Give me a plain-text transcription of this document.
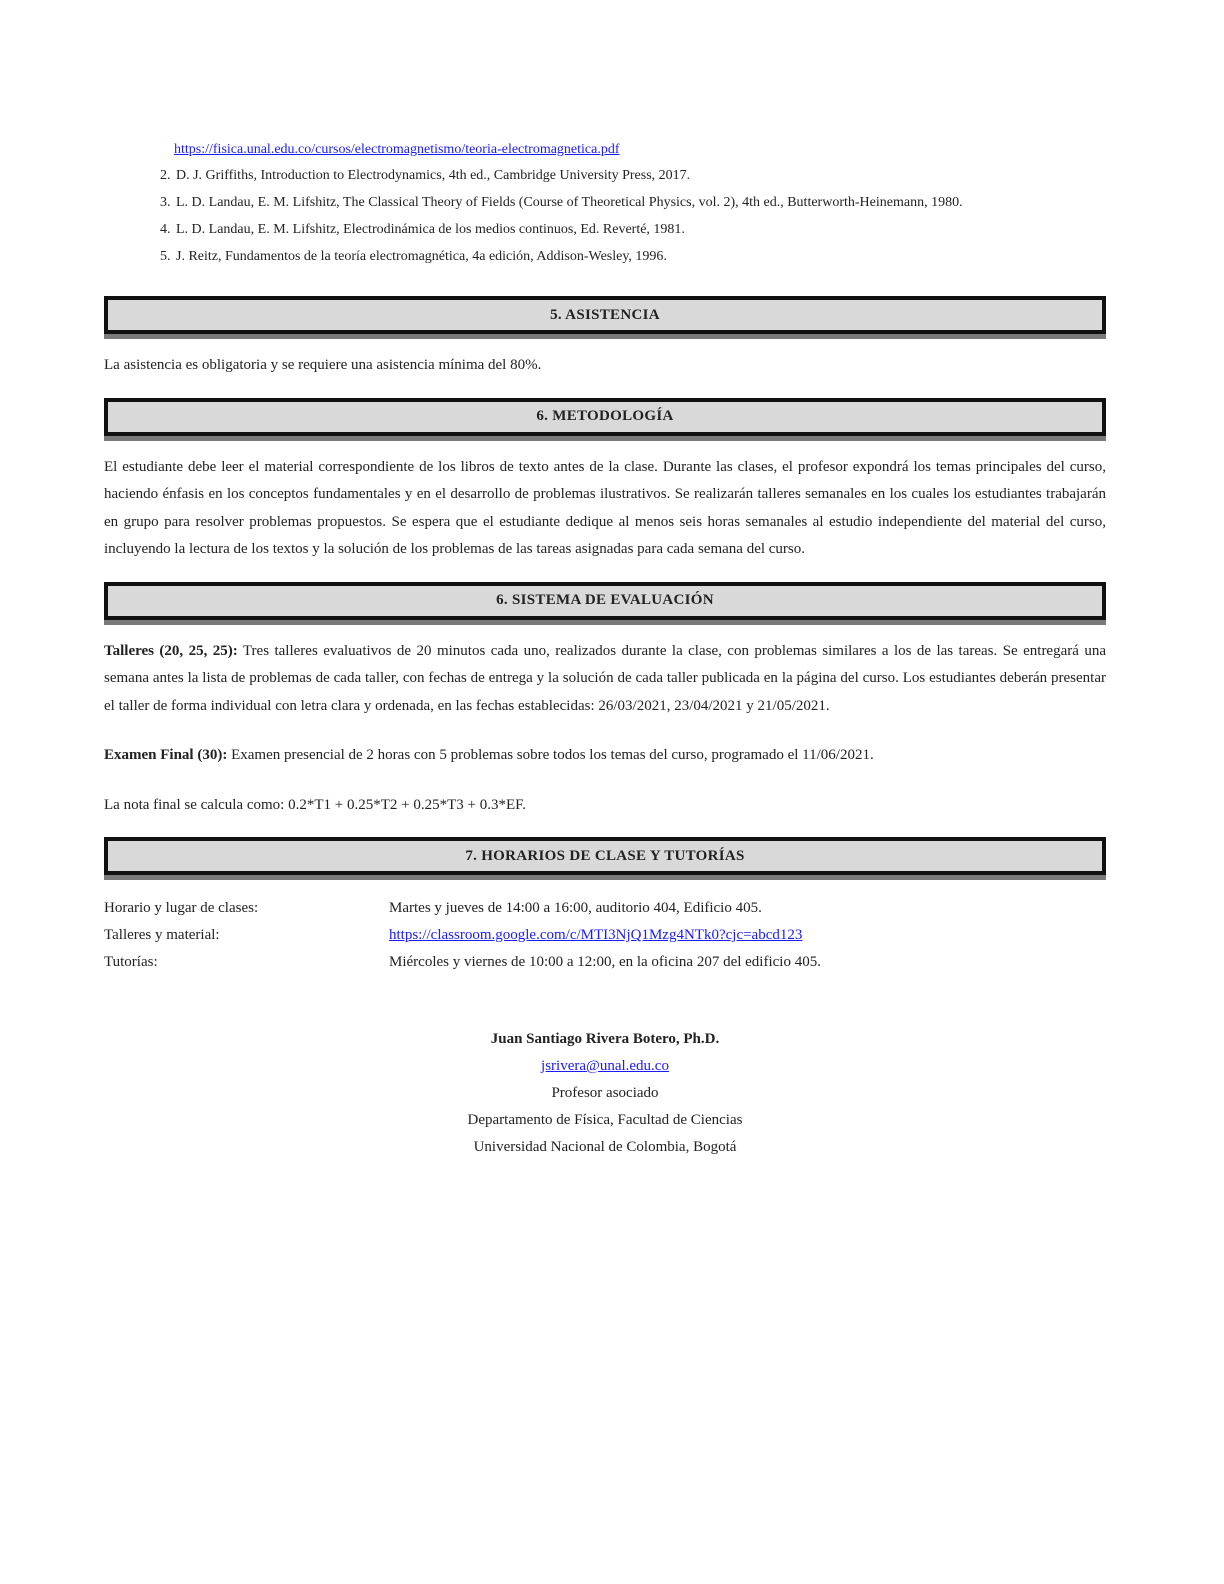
https://fisica.unal.edu.co/cursos/electromagnetismo/teoria-electromagnetica.pdf
2. D. J. Griffiths, Introduction to Electrodynamics, 4th ed., Cambridge University Press, 2017.
3. L. D. Landau, E. M. Lifshitz, The Classical Theory of Fields (Course of Theoretical Physics, vol. 2), 4th ed., Butterworth-Heinemann, 1980.
4. L. D. Landau, E. M. Lifshitz, Electrodinámica de los medios continuos, Ed. Reverté, 1981.
5. J. Reitz, Fundamentos de la teoría electromagnética, 4a edición, Addison-Wesley, 1996.
5. ASISTENCIA

La asistencia es obligatoria y se requiere una asistencia mínima del 80%.

6. METODOLOGÍA

El estudiante debe leer el material correspondiente de los libros de texto antes de la clase. Durante las clases, el profesor expondrá los temas principales del curso, haciendo énfasis en los conceptos fundamentales y en el desarrollo de problemas ilustrativos. Se realizarán talleres semanales en los cuales los estudiantes trabajarán en grupo para resolver problemas propuestos. Se espera que el estudiante dedique al menos seis horas semanales al estudio independiente del material del curso, incluyendo la lectura de los textos y la solución de los problemas de las tareas asignadas para cada semana del curso.

6. SISTEMA DE EVALUACIÓN

Talleres (20, 25, 25): Tres talleres evaluativos de 20 minutos cada uno, realizados durante la clase, con problemas similares a los de las tareas. Se entregará una semana antes la lista de problemas de cada taller, con fechas de entrega y la solución de cada taller publicada en la página del curso. Los estudiantes deberán presentar el taller de forma individual con letra clara y ordenada, en las fechas establecidas: 26/03/2021, 23/04/2021 y 21/05/2021.

Examen Final (30): Examen presencial de 2 horas con 5 problemas sobre todos los temas del curso, programado el 11/06/2021.

La nota final se calcula como: 0.2*T1 + 0.25*T2 + 0.25*T3 + 0.3*EF.

7. HORARIOS DE CLASE Y TUTORÍAS
Horario y lugar de clases:	Martes y jueves de 14:00 a 16:00, auditorio 404, Edificio 405.
Talleres y material:	https://classroom.google.com/c/MTI3NjQ1Mzg4NTk0?cjc=abcd123
Tutorías:	Miércoles y viernes de 10:00 a 12:00, en la oficina 207 del edificio 405.
Juan Santiago Rivera Botero, Ph.D.
jsrivera@unal.edu.co
Profesor asociado
Departamento de Física, Facultad de Ciencias
Universidad Nacional de Colombia, Bogotá
